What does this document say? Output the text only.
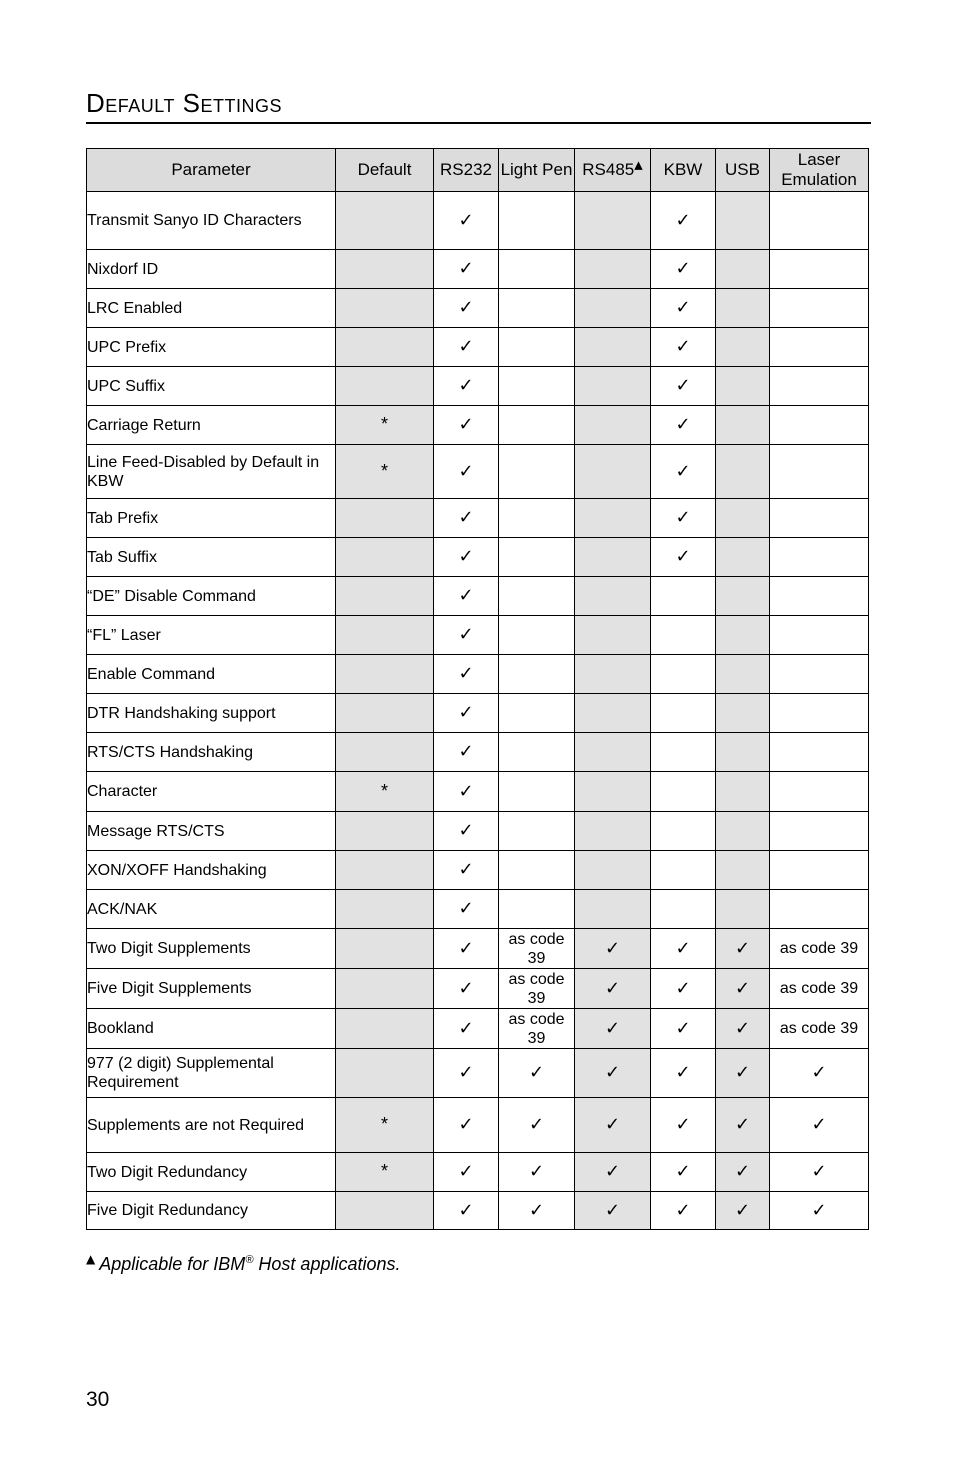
Default Settings
Parameter	Default	RS232	Light Pen	RS485▲	KBW	USB	Laser Emulation
Transmit Sanyo ID Characters		✓			✓		
Nixdorf ID		✓			✓		
LRC Enabled		✓			✓		
UPC Prefix		✓			✓		
UPC Suffix		✓			✓		
Carriage Return	*	✓			✓		
Line Feed-Disabled by Default in KBW	*	✓			✓		
Tab Prefix		✓			✓		
Tab Suffix		✓			✓		
“DE” Disable Command		✓					
“FL” Laser		✓					
Enable Command		✓					
DTR Handshaking support		✓					
RTS/CTS Handshaking		✓					
Character	*	✓					
Message RTS/CTS		✓					
XON/XOFF Handshaking		✓					
ACK/NAK		✓					
Two Digit Supplements		✓	as code 39	✓	✓	✓	as code 39
Five Digit Supplements		✓	as code 39	✓	✓	✓	as code 39
Bookland		✓	as code 39	✓	✓	✓	as code 39
977 (2 digit) Supplemental Requirement		✓	✓	✓	✓	✓	✓
Supplements are not Required	*	✓	✓	✓	✓	✓	✓
Two Digit Redundancy	*	✓	✓	✓	✓	✓	✓
Five Digit Redundancy		✓	✓	✓	✓	✓	✓
▲ Applicable for IBM® Host applications.
30
